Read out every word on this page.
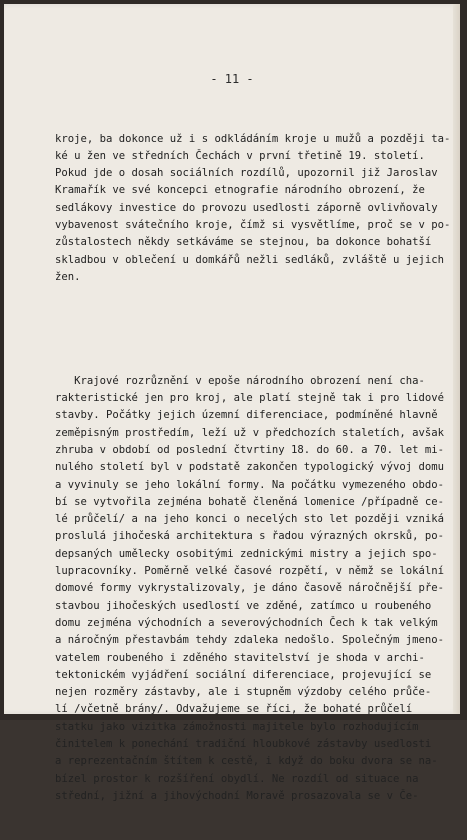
- 11 -

kroje, ba dokonce už i s odkládáním kroje u mužů a později ta-
ké u žen ve středních Čechách v první třetině 19. století.
Pokud jde o dosah sociálních rozdílů, upozornil již Jaroslav
Kramařík ve své koncepci etnografie národního obrození, že
sedlákovy investice do provozu usedlosti záporně ovlivňovaly
vybavenost svátečního kroje, čímž si vysvětlíme, proč se v po-
zůstalostech někdy setkáváme se stejnou, ba dokonce bohatší
skladbou v oblečení u domkářů nežli sedláků, zvláště u jejich
žen.

Krajové rozrůznění v epoše národního obrození není cha-
rakteristické jen pro kroj, ale platí stejně tak i pro lidové
stavby. Počátky jejich územní diferenciace, podmíněné hlavně
zeměpisným prostředím, leží už v předchozích staletích, avšak
zhruba v období od poslední čtvrtiny 18. do 60. a 70. let mi-
nulého století byl v podstatě zakončen typologický vývoj domu
a vyvinuly se jeho lokální formy. Na počátku vymezeného obdo-
bí se vytvořila zejména bohatě členěná lomenice /případně ce-
lé průčelí/ a na jeho konci o necelých sto let později vzniká
proslulá jihočeská architektura s řadou výrazných okrsků, po-
depsaných umělecky osobitými zednickými mistry a jejich spo-
lupracovníky. Poměrně velké časové rozpětí, v němž se lokální
domové formy vykrystalizovaly, je dáno časově náročnější pře-
stavbou jihočeských usedlostí ve zděné, zatímco u roubeného
domu zejména východních a severovýchodních Čech k tak velkým
a náročným přestavbám tehdy zdaleka nedošlo. Společným jmeno-
vatelem roubeného i zděného stavitelství je shoda v archi-
tektonickém vyjádření sociální diferenciace, projevující se
nejen rozměry zástavby, ale i stupněm výzdoby celého průče-
lí /včetně brány/. Odvažujeme se říci, že bohaté průčelí
statku jako vizitka zámožnosti majitele bylo rozhodujícím
činitelem k ponechání tradiční hloubkové zástavby usedlosti
a reprezentačním štítem k cestě, i když do boku dvora se na-
bízel prostor k rozšíření obydlí. Ne rozdíl od situace na
střední, jižní a jihovýchodní Moravě prosazovala se v Če-
